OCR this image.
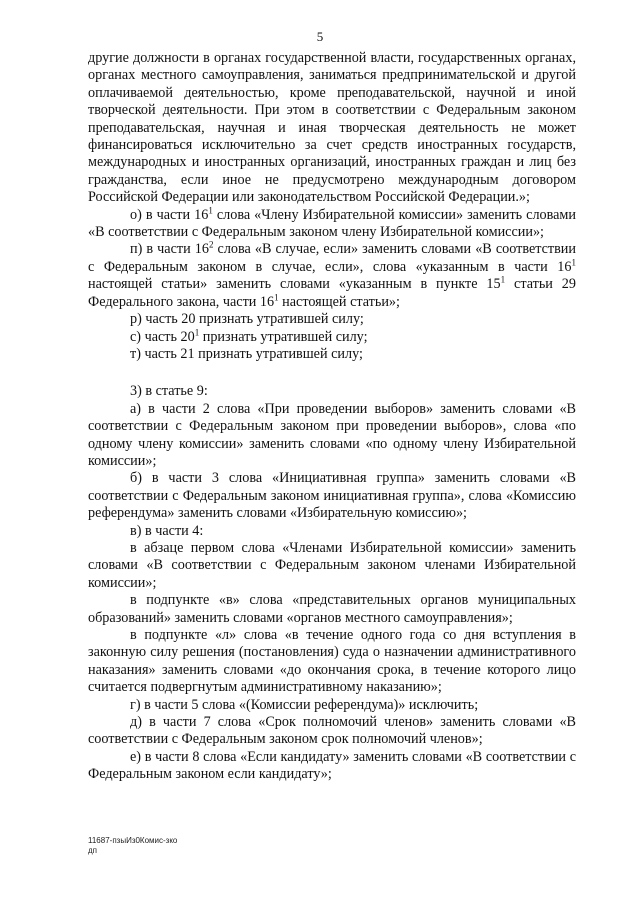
5

другие должности в органах государственной власти, государственных органах, органах местного самоуправления, заниматься предпринимательской и другой оплачиваемой деятельностью, кроме преподавательской, научной и иной творческой деятельности. При этом в соответствии с Федеральным законом преподавательская, научная и иная творческая деятельность не может финансироваться исключительно за счет средств иностранных государств, международных и иностранных организаций, иностранных граждан и лиц без гражданства, если иное не предусмотрено международным договором Российской Федерации или законодательством Российской Федерации.»;

о) в части $16^1$ слова «Члену Избирательной комиссии» заменить словами «В соответствии с Федеральным законом члену Избирательной комиссии»;

п) в части $16^2$ слова «В случае, если» заменить словами «В соответствии с Федеральным законом в случае, если», слова «указанным в части $16^1$ настоящей статьи» заменить словами «указанным в пункте $15^1$ статьи 29 Федерального закона, части $16^1$ настоящей статьи»;

р) часть 20 признать утратившей силу;

с) часть $20^1$ признать утратившей силу;

т) часть 21 признать утратившей силу;

3) в статье 9:

а) в части 2 слова «При проведении выборов» заменить словами «В соответствии с Федеральным законом при проведении выборов», слова «по одному члену комиссии» заменить словами «по одному члену Избирательной комиссии»;

б) в части 3 слова «Инициативная группа» заменить словами «В соответствии с Федеральным законом инициативная группа», слова «Комиссию референдума» заменить словами «Избирательную комиссию»;

в) в части 4:

в абзаце первом слова «Членами Избирательной комиссии» заменить словами «В соответствии с Федеральным законом членами Избирательной комиссии»;

в подпункте «в» слова «представительных органов муниципальных образований» заменить словами «органов местного самоуправления»;

в подпункте «л» слова «в течение одного года со дня вступления в законную силу решения (постановления) суда о назначении административного наказания» заменить словами «до окончания срока, в течение которого лицо считается подвергнутым административному наказанию»;

г) в части 5 слова «(Комиссии референдума)» исключить;

д) в части 7 слова «Срок полномочий членов» заменить словами «В соответствии с Федеральным законом срок полномочий членов»;

е) в части 8 слова «Если кандидату» заменить словами «В соответствии с Федеральным законом если кандидату»;

11687-пзыИз0Комис-зко
дп
